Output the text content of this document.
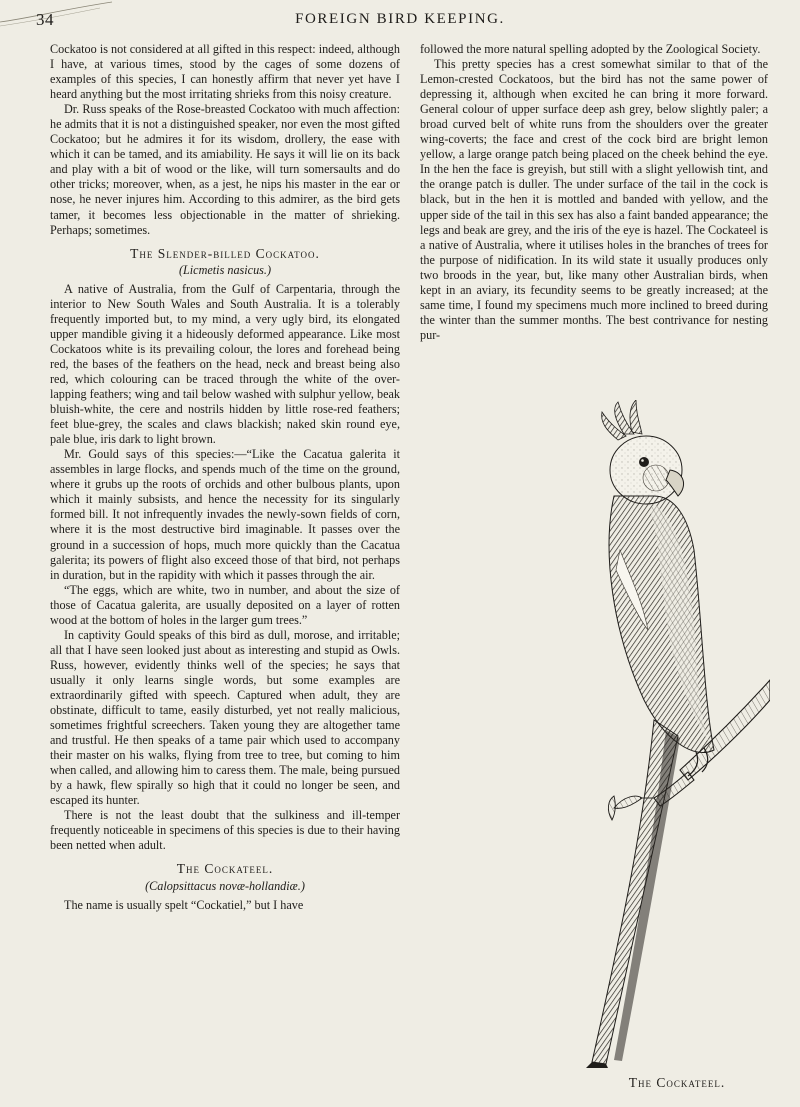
34	FOREIGN BIRD KEEPING.

Cockatoo is not considered at all gifted in this respect: indeed, although I have, at various times, stood by the cages of some dozens of examples of this species, I can honestly affirm that never yet have I heard anything but the most irritating shrieks from this noisy creature.

Dr. Russ speaks of the Rose-breasted Cockatoo with much affection: he admits that it is not a distinguished speaker, nor even the most gifted Cockatoo; but he admires it for its wisdom, drollery, the ease with which it can be tamed, and its amiability. He says it will lie on its back and play with a bit of wood or the like, will turn somersaults and do other tricks; moreover, when, as a jest, he nips his master in the ear or nose, he never injures him. According to this admirer, as the bird gets tamer, it becomes less objectionable in the matter of shrieking. Perhaps; sometimes.

The Slender-billed Cockatoo.
(Licmetis nasicus.)

A native of Australia, from the Gulf of Carpentaria, through the interior to New South Wales and South Australia. It is a tolerably frequently imported but, to my mind, a very ugly bird, its elongated upper mandible giving it a hideously deformed appearance. Like most Cockatoos white is its prevailing colour, the lores and forehead being red, the bases of the feathers on the head, neck and breast being also red, which colouring can be traced through the white of the over-lapping feathers; wing and tail below washed with sulphur yellow, beak bluish-white, the cere and nostrils hidden by little rose-red feathers; feet blue-grey, the scales and claws blackish; naked skin round eye, pale blue, iris dark to light brown.

Mr. Gould says of this species:—“Like the Cacatua galerita it assembles in large flocks, and spends much of the time on the ground, where it grubs up the roots of orchids and other bulbous plants, upon which it mainly subsists, and hence the necessity for its singularly formed bill. It not infrequently invades the newly-sown fields of corn, where it is the most destructive bird imaginable. It passes over the ground in a succession of hops, much more quickly than the Cacatua galerita; its powers of flight also exceed those of that bird, not perhaps in duration, but in the rapidity with which it passes through the air.

“The eggs, which are white, two in number, and about the size of those of Cacatua galerita, are usually deposited on a layer of rotten wood at the bottom of holes in the larger gum trees.”

In captivity Gould speaks of this bird as dull, morose, and irritable; all that I have seen looked just about as interesting and stupid as Owls. Russ, however, evidently thinks well of the species; he says that usually it only learns single words, but some examples are extraordinarily gifted with speech. Captured when adult, they are obstinate, difficult to tame, easily disturbed, yet not really malicious, sometimes frightful screechers. Taken young they are altogether tame and trustful. He then speaks of a tame pair which used to accompany their master on his walks, flying from tree to tree, but coming to him when called, and allowing him to caress them. The male, being pursued by a hawk, flew spirally so high that it could no longer be seen, and escaped its hunter.

There is not the least doubt that the sulkiness and ill-temper frequently noticeable in specimens of this species is due to their having been netted when adult.

The Cockateel.
(Calopsittacus novæ-hollandiæ.)

The name is usually spelt “Cockatiel,” but I have

followed the more natural spelling adopted by the Zoological Society.

This pretty species has a crest somewhat similar to that of the Lemon-crested Cockatoos, but the bird has not the same power of depressing it, although when excited he can bring it more forward. General colour of upper surface deep ash grey, below slightly paler; a broad curved belt of white runs from the shoulders over the greater wing-coverts; the face and crest of the cock bird are bright lemon yellow, a large orange patch being placed on the cheek behind the eye. In the hen the face is greyish, but still with a slight yellowish tint, and the orange patch is duller. The under surface of the tail in the cock is black, but in the hen it is mottled and banded with yellow, and the upper side of the tail in this sex has also a faint banded appearance; the legs and beak are grey, and the iris of the eye is hazel. The Cockateel is a native of Australia, where it utilises holes in the branches of trees for the purpose of nidification. In its wild state it usually produces only two broods in the year, but, like many other Australian birds, when kept in an aviary, its fecundity seems to be greatly increased; at the same time, I found my specimens much more inclined to breed during the winter than the summer months. The best contrivance for nesting pur-

The Cockateel.
